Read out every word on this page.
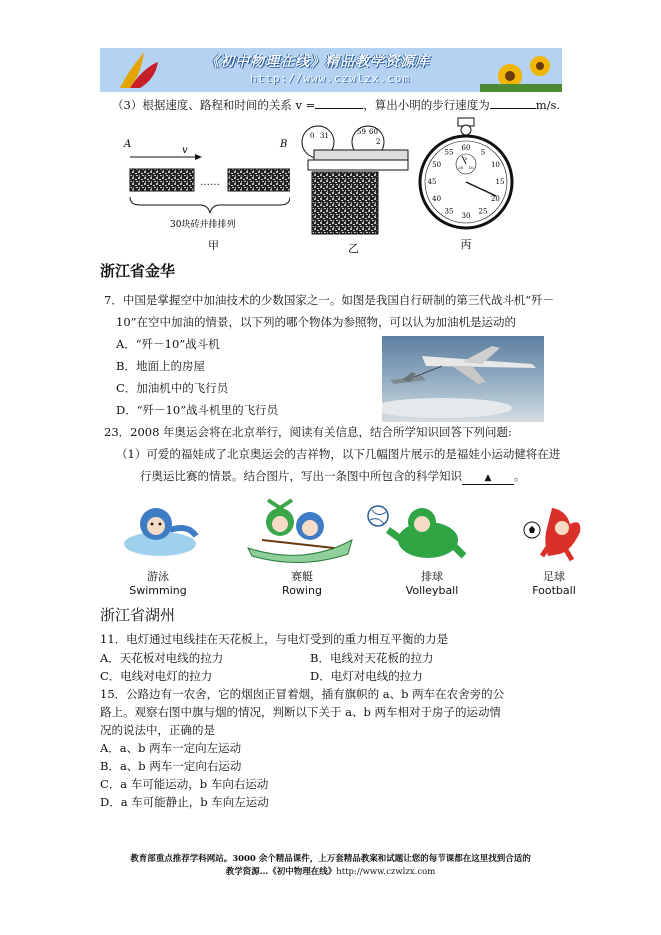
《初中物理在线》精品教学资源库
http://www.czwlzx.com
（3）根据速度、路程和时间的关系 v =	，算出小明的步行速度为	m/s.
……
A	B
v
30块砖并排排列
甲
0 31	59 60
2
乙
60
5
10
15
20
25
30
35
40
45
50
55
0
10
20
丙
浙江省金华
7．中国是掌握空中加油技术的少数国家之一。如图是我国自行研制的第三代战斗机“歼－
10”在空中加油的情景，以下列的哪个物体为参照物，可以认为加油机是运动的
A．“歼－10”战斗机
B．地面上的房屋
C．加油机中的飞行员
D．“歼－10”战斗机里的飞行员
23．2008 年奥运会将在北京举行，阅读有关信息，结合所学知识回答下列问题:
（1）可爱的福娃成了北京奥运会的吉祥物，以下几幅图片展示的是福娃小运动健将在进
行奥运比赛的情景。结合图片，写出一条图中所包含的科学知识	▲ 。
游泳
Swimming
赛艇
Rowing
排球
Volleyball
足球
Football
浙江省湖州
11．电灯通过电线挂在天花板上，与电灯受到的重力相互平衡的力是
A．天花板对电线的拉力	B．电线对天花板的拉力
C．电线对电灯的拉力	D．电灯对电线的拉力
15．公路边有一农舍，它的烟囱正冒着烟，插有旗帜的 a、b 两车在农舍旁的公
路上。观察右图中旗与烟的情况，判断以下关于 a、b 两车相对于房子的运动情
况的说法中，正确的是
A．a、b 两车一定向左运动
B．a、b 两车一定向右运动
C．a 车可能运动，b 车向右运动
D．a 车可能静止，b 车向左运动
教育部重点推荐学科网站。3000 余个精品课件，上万套精品教案和试题让您的每节课都在这里找到合适的
教学资源…《初中物理在线》http://www.czwlzx.com
